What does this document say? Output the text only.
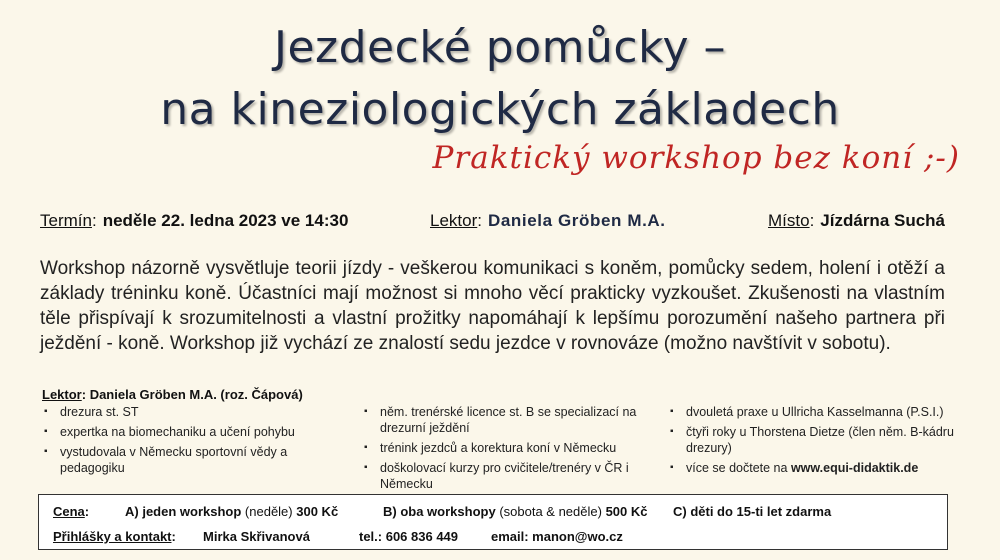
Jezdecké pomůcky –
na kineziologických základech
Praktický workshop bez koní ;-)
Termín: neděle 22. ledna 2023 ve 14:30	Lektor: Daniela Gröben M.A.	Místo: Jízdárna Suchá
Workshop názorně vysvětluje teorii jízdy - veškerou komunikaci s koněm, pomůcky sedem, holení i otěží a základy tréninku koně. Účastníci mají možnost si mnoho věcí prakticky vyzkoušet. Zkušenosti na vlastním těle přispívají k srozumitelnosti a vlastní prožitky napomáhají k lepšímu porozumění našeho partnera při ježdění - koně. Workshop již vychází ze znalostí sedu jezdce v rovnováze (možno navštívit v sobotu).
Lektor: Daniela Gröben M.A. (roz. Čápová)
▪ drezura st. ST
▪ expertka na biomechaniku a učení pohybu
▪ vystudovala v Německu sportovní vědy a pedagogiku
▪ něm. trenérské licence st. B se specializací na drezurní ježdění
▪ trénink jezdců a korektura koní v Německu
▪ doškolovací kurzy pro cvičitele/trenéry v ČR i Německu
▪ dvouletá praxe u Ullricha Kasselmanna (P.S.I.)
▪ čtyři roky u Thorstena Dietze (člen něm. B-kádru drezury)
▪ více se dočtete na www.equi-didaktik.de
Cena:	A) jeden workshop (neděle) 300 Kč	B) oba workshopy (sobota & neděle) 500 Kč C) děti do 15-ti let zdarma
Přihlášky a kontakt: Mirka Skřivanová	tel.: 606 836 449	email: manon@wo.cz
